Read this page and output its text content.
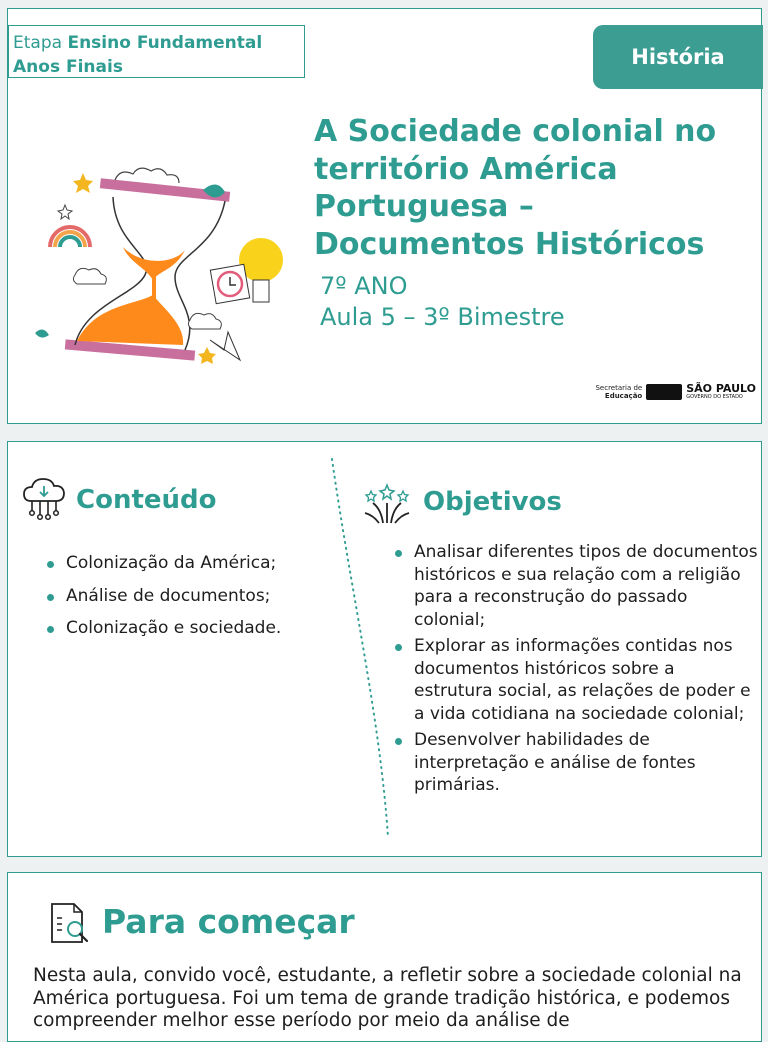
Etapa Ensino Fundamental
Anos Finais	História
A Sociedade colonial no território América Portuguesa – Documentos Históricos
7º ANO
Aula 5 – 3º Bimestre
Secretaria de
Educação
SÃO PAULO
GOVERNO DO ESTADO
Conteúdo	Objetivos
Colonização da América;
Análise de documentos;
Colonização e sociedade.
Analisar diferentes tipos de documentos históricos e sua relação com a religião para a reconstrução do passado colonial;
Explorar as informações contidas nos documentos históricos sobre a estrutura social, as relações de poder e a vida cotidiana na sociedade colonial;
Desenvolver habilidades de interpretação e análise de fontes primárias.
Para começar
Nesta aula, convido você, estudante, a refletir sobre a sociedade colonial na América portuguesa. Foi um tema de grande tradição histórica, e podemos compreender melhor esse período por meio da análise de
